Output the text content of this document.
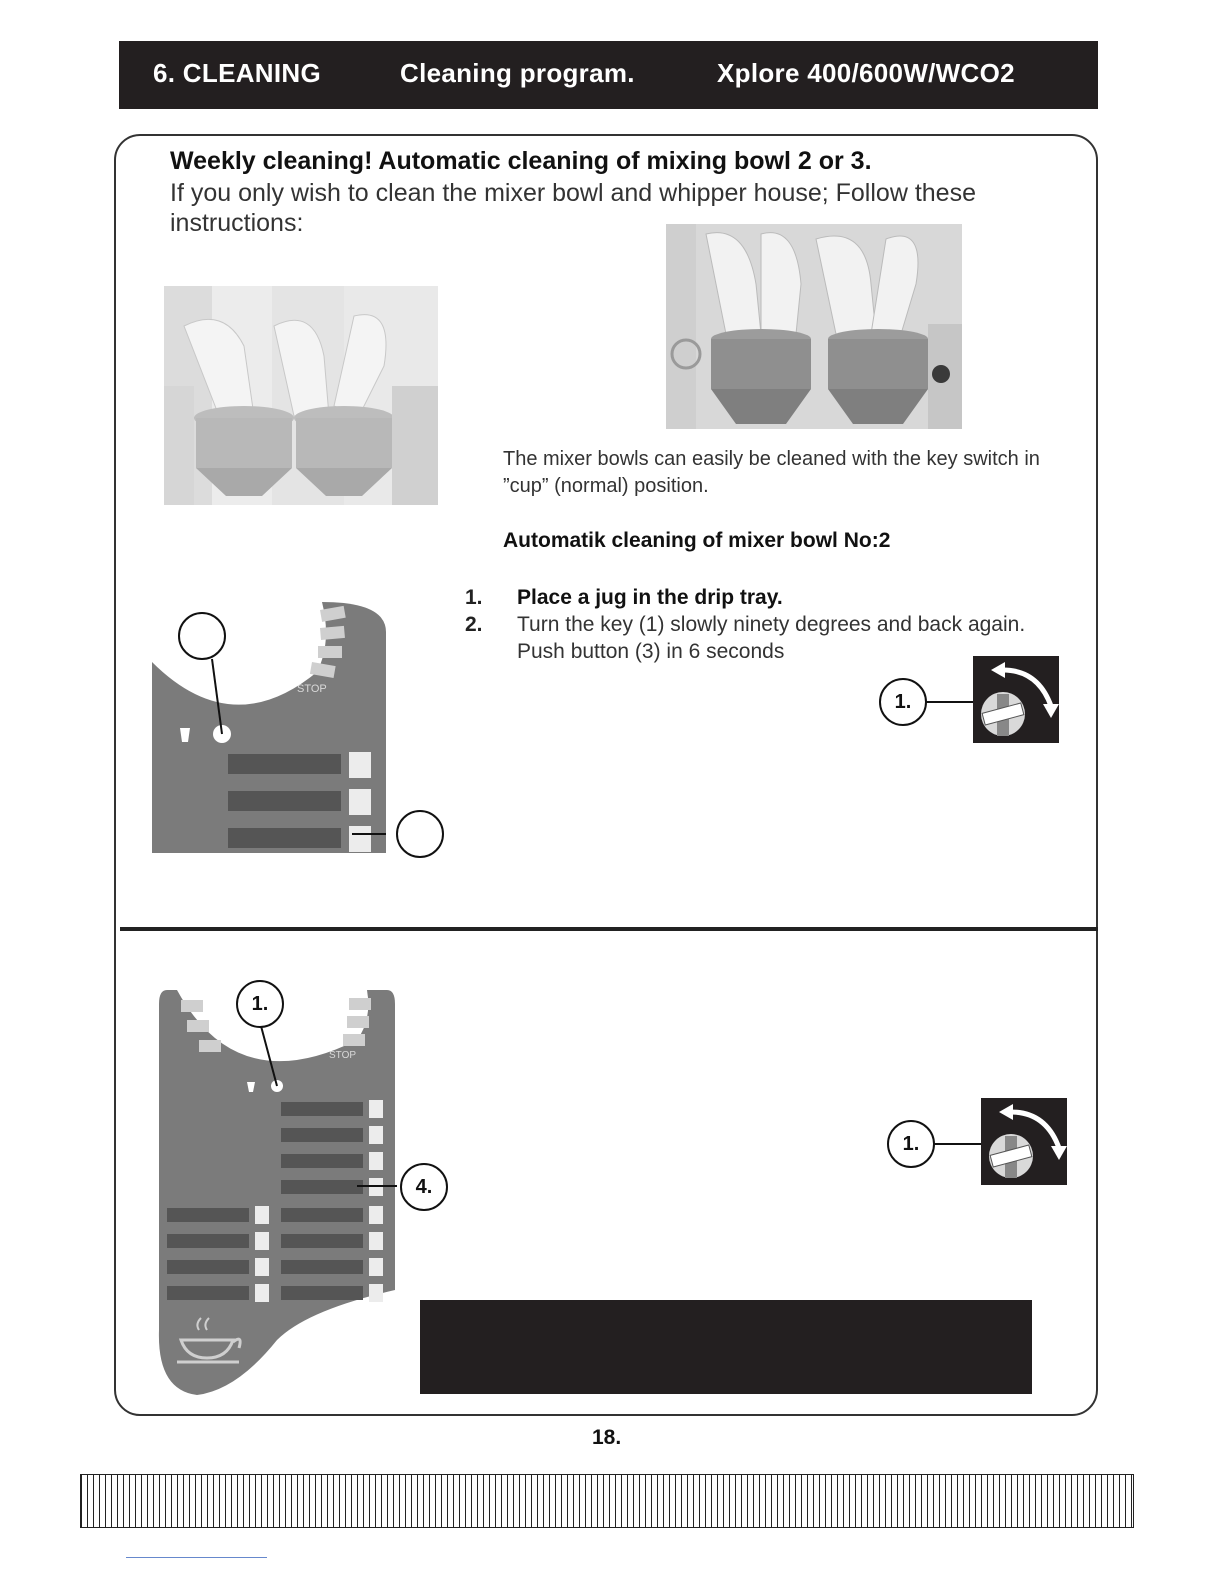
6. CLEANING	Cleaning program.	Xplore 400/600W/WCO2
Weekly cleaning! Automatic cleaning of mixing bowl 2 or 3.
If you only wish to clean the mixer bowl and whipper house; Follow these
instructions:
The mixer bowls can easily be cleaned with the key switch in
”cup” (normal) position.
Automatik cleaning of mixer bowl No:2
1. Place a jug in the drip tray.
2. Turn the key (1) slowly ninety degrees and back again.
Push button (3) in 6 seconds
1.
STOP
STOP
1.
4.
1.
18.
